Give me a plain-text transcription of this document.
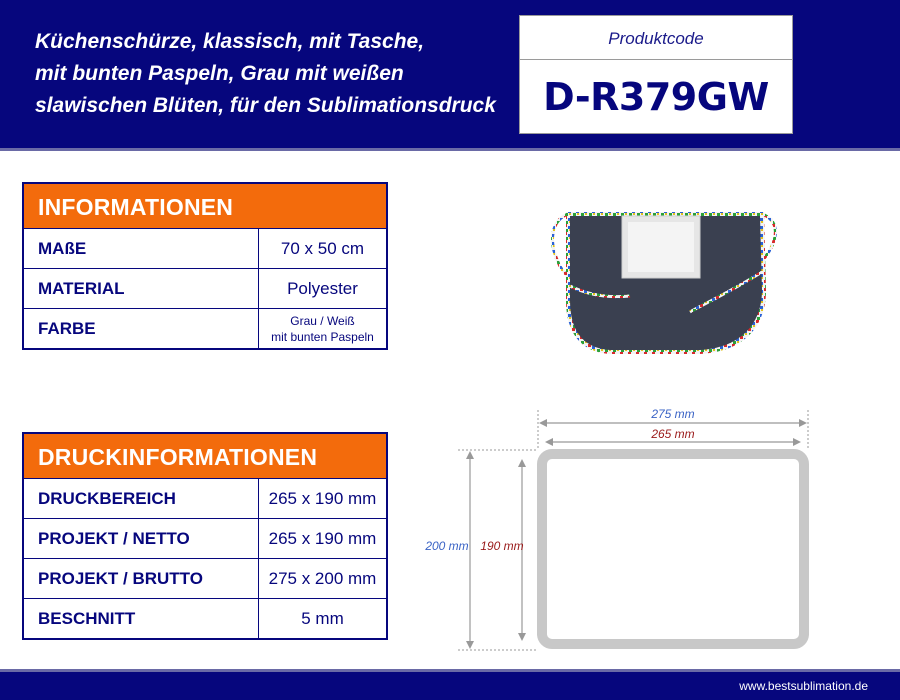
Küchenschürze, klassisch, mit Tasche,
mit bunten Paspeln, Grau mit weißen
slawischen Blüten, für den Sublimationsdruck
Produktcode
D-R379GW
INFORMATIONEN
MAßE	70 x 50 cm
MATERIAL	Polyester
FARBE	Grau / Weiß
mit bunten Paspeln
DRUCKINFORMATIONEN
DRUCKBEREICH	265 x 190 mm
PROJEKT / NETTO	265 x 190 mm
PROJEKT / BRUTTO	275 x 200 mm
BESCHNITT	5 mm
275 mm
265 mm
200 mm 190 mm
www.bestsublimation.de
